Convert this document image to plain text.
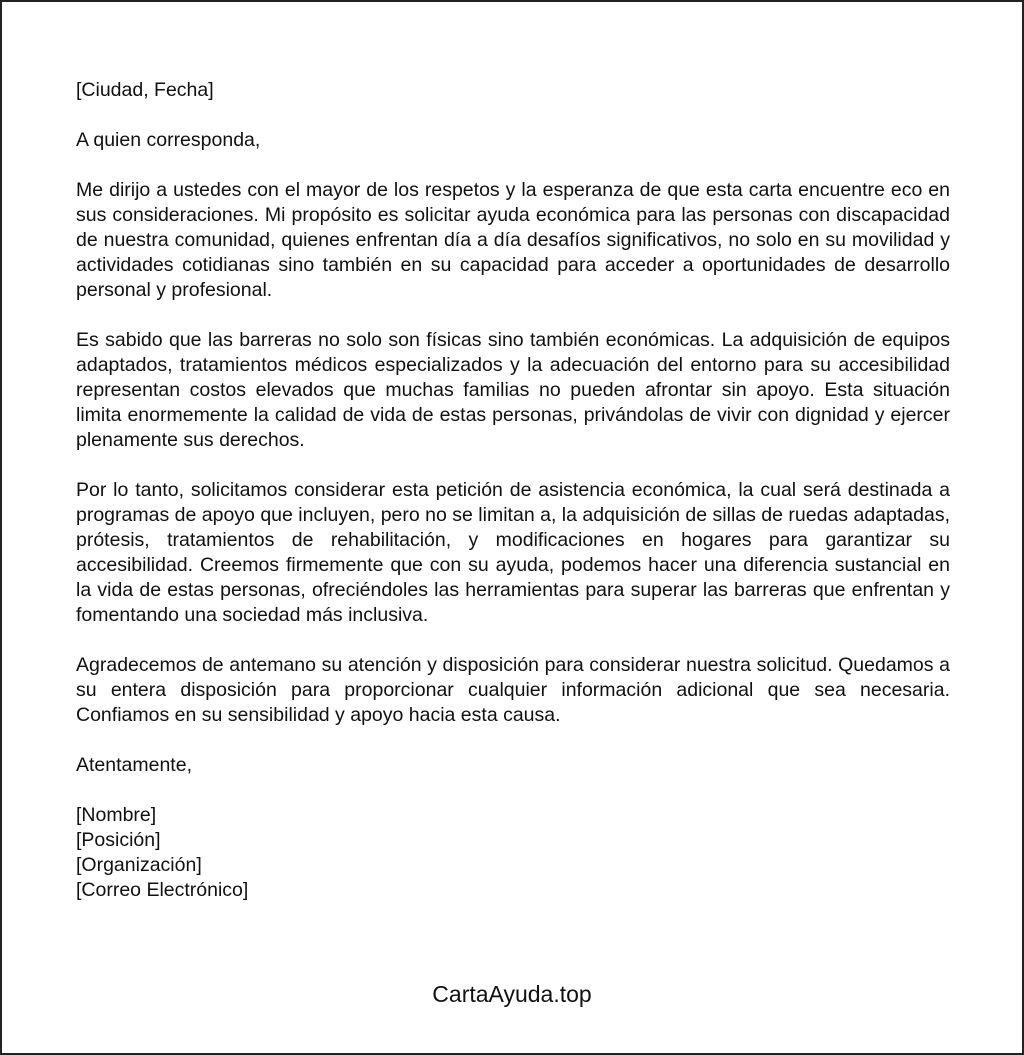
[Ciudad, Fecha]
A quien corresponda,

Me dirijo a ustedes con el mayor de los respetos y la esperanza de que esta carta encuentre eco en sus consideraciones. Mi propósito es solicitar ayuda económica para las personas con discapacidad de nuestra comunidad, quienes enfrentan día a día desafíos significativos, no solo en su movilidad y actividades cotidianas sino también en su capacidad para acceder a oportunidades de desarrollo personal y profesional.

Es sabido que las barreras no solo son físicas sino también económicas. La adquisición de equipos adaptados, tratamientos médicos especializados y la adecuación del entorno para su accesibilidad representan costos elevados que muchas familias no pueden afrontar sin apoyo. Esta situación limita enormemente la calidad de vida de estas personas, privándolas de vivir con dignidad y ejercer plenamente sus derechos.

Por lo tanto, solicitamos considerar esta petición de asistencia económica, la cual será destinada a programas de apoyo que incluyen, pero no se limitan a, la adquisición de sillas de ruedas adaptadas, prótesis, tratamientos de rehabilitación, y modificaciones en hogares para garantizar su accesibilidad. Creemos firmemente que con su ayuda, podemos hacer una diferencia sustancial en la vida de estas personas, ofreciéndoles las herramientas para superar las barreras que enfrentan y fomentando una sociedad más inclusiva.

Agradecemos de antemano su atención y disposición para considerar nuestra solicitud. Quedamos a su entera disposición para proporcionar cualquier información adicional que sea necesaria. Confiamos en su sensibilidad y apoyo hacia esta causa.

Atentamente,
[Nombre]
[Posición]
[Organización]
[Correo Electrónico]
CartaAyuda.top
